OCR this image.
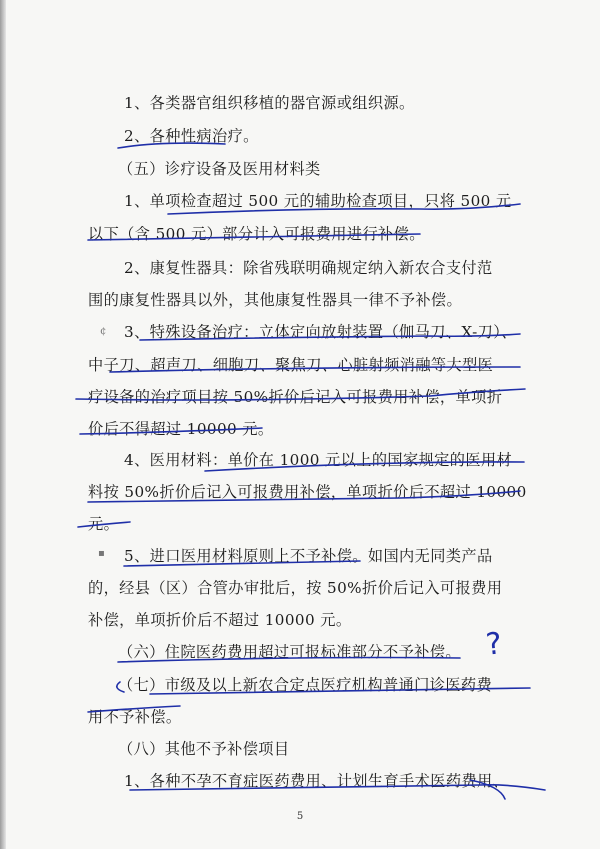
1、各类器官组织移植的器官源或组织源。
2、各种性病治疗。
（五）诊疗设备及医用材料类
1、单项检查超过 500 元的辅助检查项目，只将 500 元
以下（含 500 元）部分计入可报费用进行补偿。
2、康复性器具：除省残联明确规定纳入新农合支付范
围的康复性器具以外，其他康复性器具一律不予补偿。
3、特殊设备治疗：立体定向放射装置（伽马刀、X-刀）、
中子刀、超声刀、细胞刀、聚焦刀、心脏射频消融等大型医
疗设备的治疗项目按 50%折价后记入可报费用补偿，单项折
价后不得超过 10000 元。
4、医用材料：单价在 1000 元以上的国家规定的医用材
料按 50%折价后记入可报费用补偿，单项折价后不超过 10000
元。
5、进口医用材料原则上不予补偿。如国内无同类产品
的，经县（区）合管办审批后，按 50%折价后记入可报费用
补偿，单项折价后不超过 10000 元。
（六）住院医药费用超过可报标准部分不予补偿。
（七）市级及以上新农合定点医疗机构普通门诊医药费
用不予补偿。
（八）其他不予补偿项目
1、各种不孕不育症医药费用、计划生育手术医药费用、
¢
▪
?
5
